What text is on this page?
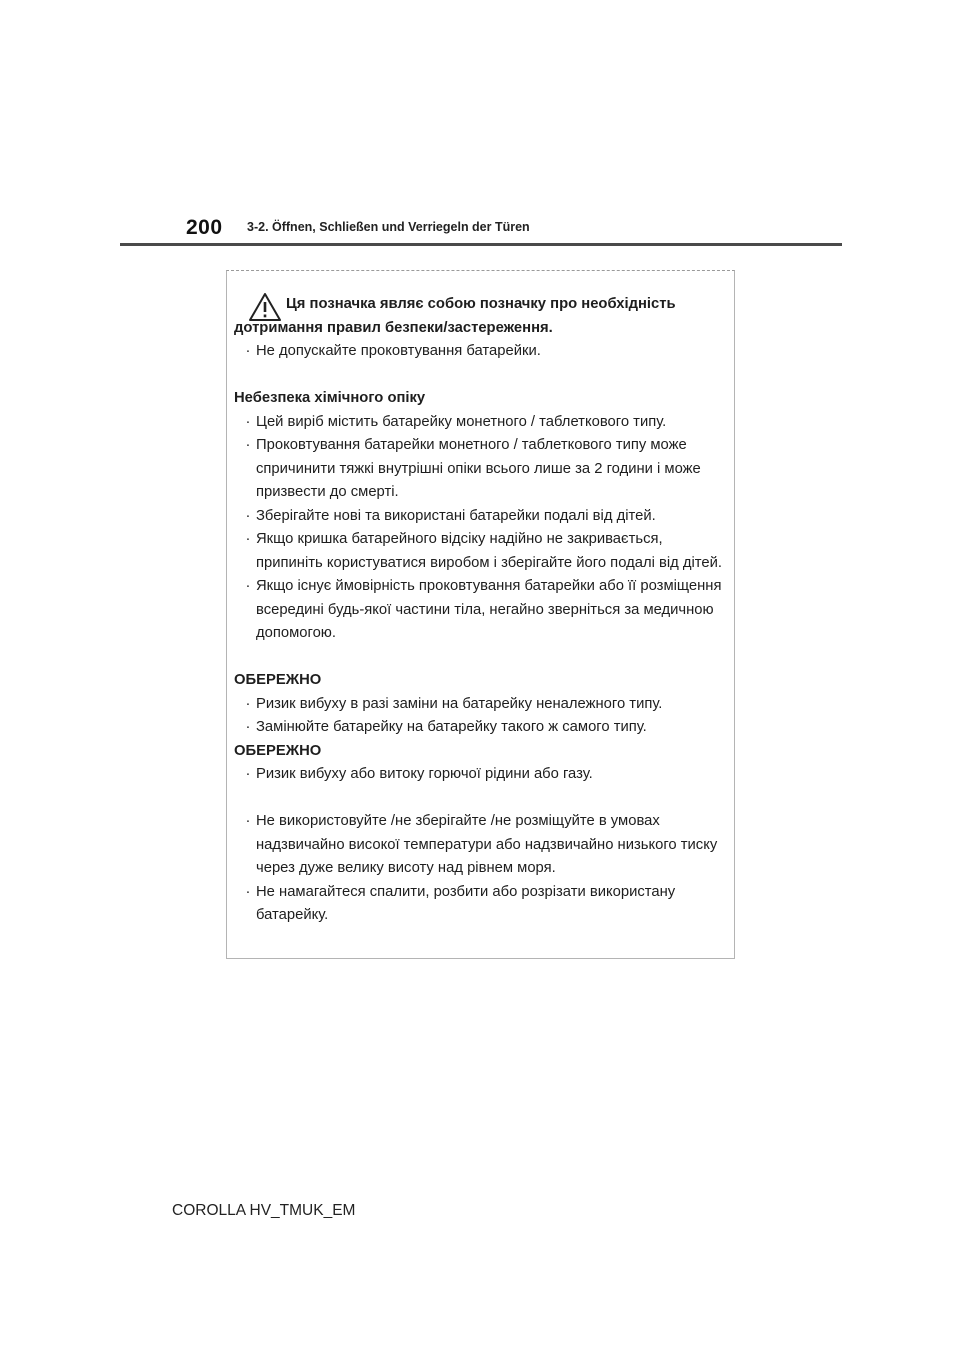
200 3-2. Öffnen, Schließen und Verriegeln der Türen
Ця позначка являє собою позначку про необхідність
дотримання правил безпеки/застереження.
· Не допускайте проковтування батарейки.
Небезпека хімічного опіку
· Цей виріб містить батарейку монетного / таблеткового типу.
· Проковтування батарейки монетного / таблеткового типу може спричинити тяжкі внутрішні опіки всього лише за 2 години і може призвести до смерті.
· Зберігайте нові та використані батарейки подалі від дітей.
· Якщо кришка батарейного відсіку надійно не закривається, припиніть користуватися виробом і зберігайте його подалі від дітей.
· Якщо існує ймовірність проковтування батарейки або її розміщення всередині будь-якої частини тіла, негайно зверніться за медичною допомогою.
ОБЕРЕЖНО
· Ризик вибуху в разі заміни на батарейку неналежного типу.
· Замінюйте батарейку на батарейку такого ж самого типу.
ОБЕРЕЖНО
· Ризик вибуху або витоку горючої рідини або газу.
· Не використовуйте /не зберігайте /не розміщуйте в умовах надзвичайно високої температури або надзвичайно низького тиску через дуже велику висоту над рівнем моря.
· Не намагайтеся спалити, розбити або розрізати використану батарейку.
COROLLA HV_TMUK_EM
